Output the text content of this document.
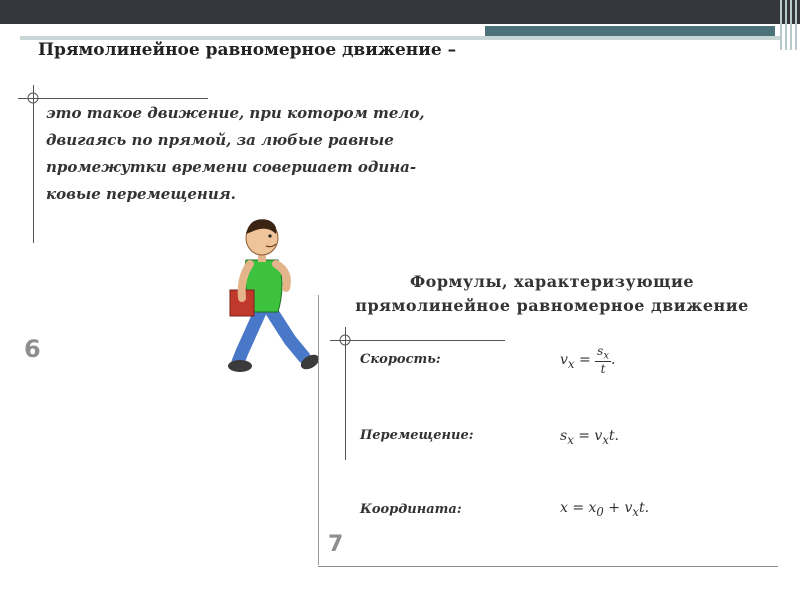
Прямолинейное равномерное движение –
это такое движение, при котором тело,
двигаясь по прямой, за любые равные
промежутки времени совершает одина-
ковые перемещения.
6
Формулы, характеризующие
прямолинейное равномерное движение
Скорость:	$v_x = \frac{s_x}{t}$ .
Перемещение:	$s_x = v_xt$.
Координата:	$x = x_0 + v_xt$.
7
